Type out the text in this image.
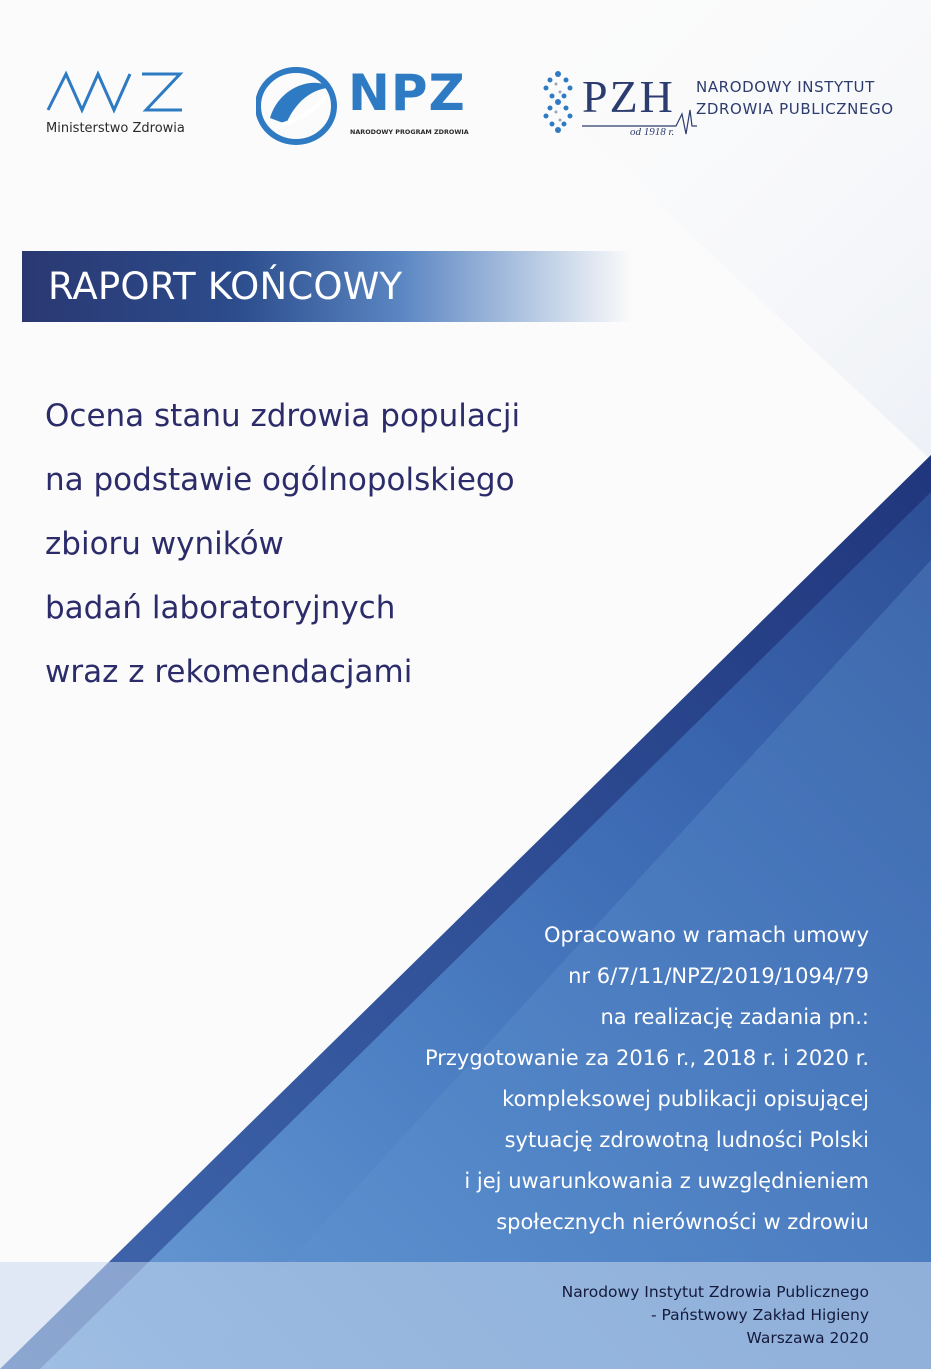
Ministerstwo Zdrowia
NPZ
NARODOWY PROGRAM ZDROWIA
PZH
od 1918 r.
NARODOWY INSTYTUT
ZDROWIA PUBLICZNEGO
RAPORT KOŃCOWY
Ocena stanu zdrowia populacji
na podstawie ogólnopolskiego
zbioru wyników
badań laboratoryjnych
wraz z rekomendacjami
Opracowano w ramach umowy
nr 6/7/11/NPZ/2019/1094/79
na realizację zadania pn.:
Przygotowanie za 2016 r., 2018 r. i 2020 r.
kompleksowej publikacji opisującej
sytuację zdrowotną ludności Polski
i jej uwarunkowania z uwzględnieniem
społecznych nierówności w zdrowiu
Narodowy Instytut Zdrowia Publicznego
- Państwowy Zakład Higieny
Warszawa 2020
